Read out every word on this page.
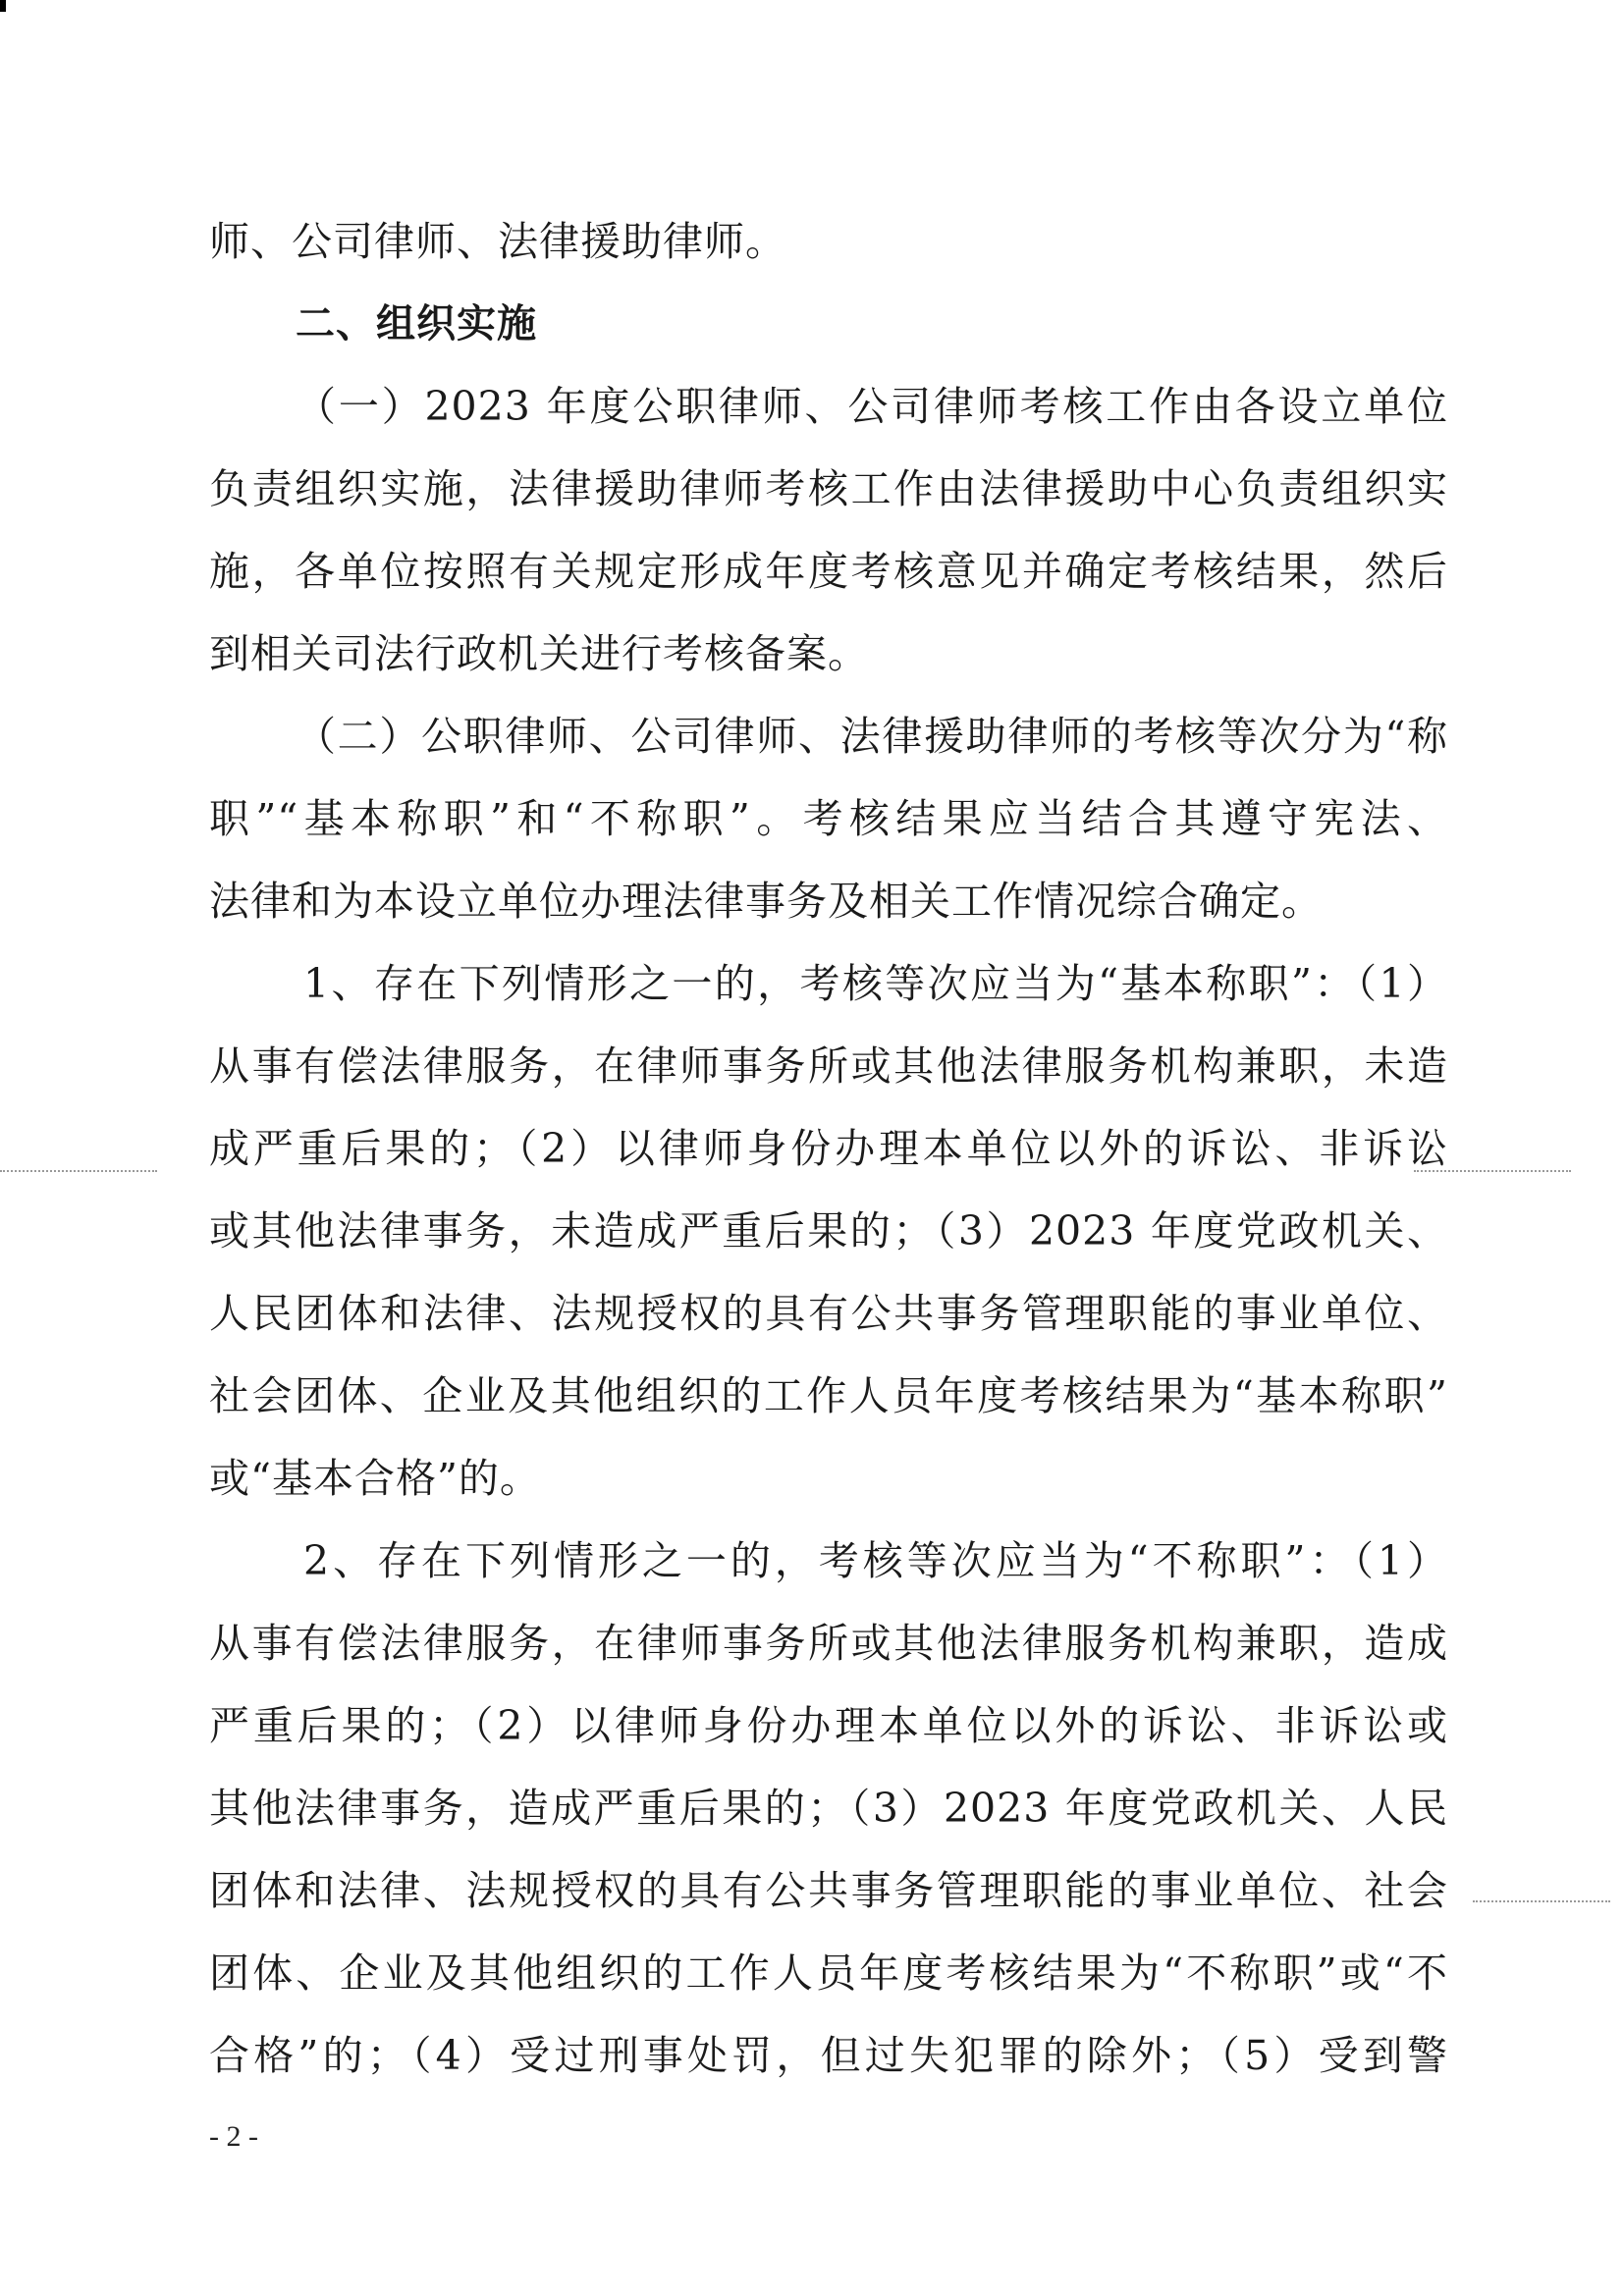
师、公司律师、法律援助律师。
二、组织实施
（一）2023 年度公职律师、公司律师考核工作由各设立单位
负责组织实施，法律援助律师考核工作由法律援助中心负责组织实
施，各单位按照有关规定形成年度考核意见并确定考核结果，然后
到相关司法行政机关进行考核备案。
（二）公职律师、公司律师、法律援助律师的考核等次分为“称
职”“基本称职”和“不称职”。考核结果应当结合其遵守宪法、
法律和为本设立单位办理法律事务及相关工作情况综合确定。
1、存在下列情形之一的，考核等次应当为“基本称职”：（1）
从事有偿法律服务，在律师事务所或其他法律服务机构兼职，未造
成严重后果的；（2）以律师身份办理本单位以外的诉讼、非诉讼
或其他法律事务，未造成严重后果的；（3）2023 年度党政机关、
人民团体和法律、法规授权的具有公共事务管理职能的事业单位、
社会团体、企业及其他组织的工作人员年度考核结果为“基本称职”
或“基本合格”的。
2、存在下列情形之一的，考核等次应当为“不称职”：（1）
从事有偿法律服务，在律师事务所或其他法律服务机构兼职，造成
严重后果的；（2）以律师身份办理本单位以外的诉讼、非诉讼或
其他法律事务，造成严重后果的；（3）2023 年度党政机关、人民
团体和法律、法规授权的具有公共事务管理职能的事业单位、社会
团体、企业及其他组织的工作人员年度考核结果为“不称职”或“不
合格”的；（4）受过刑事处罚，但过失犯罪的除外；（5）受到警
- 2 -
